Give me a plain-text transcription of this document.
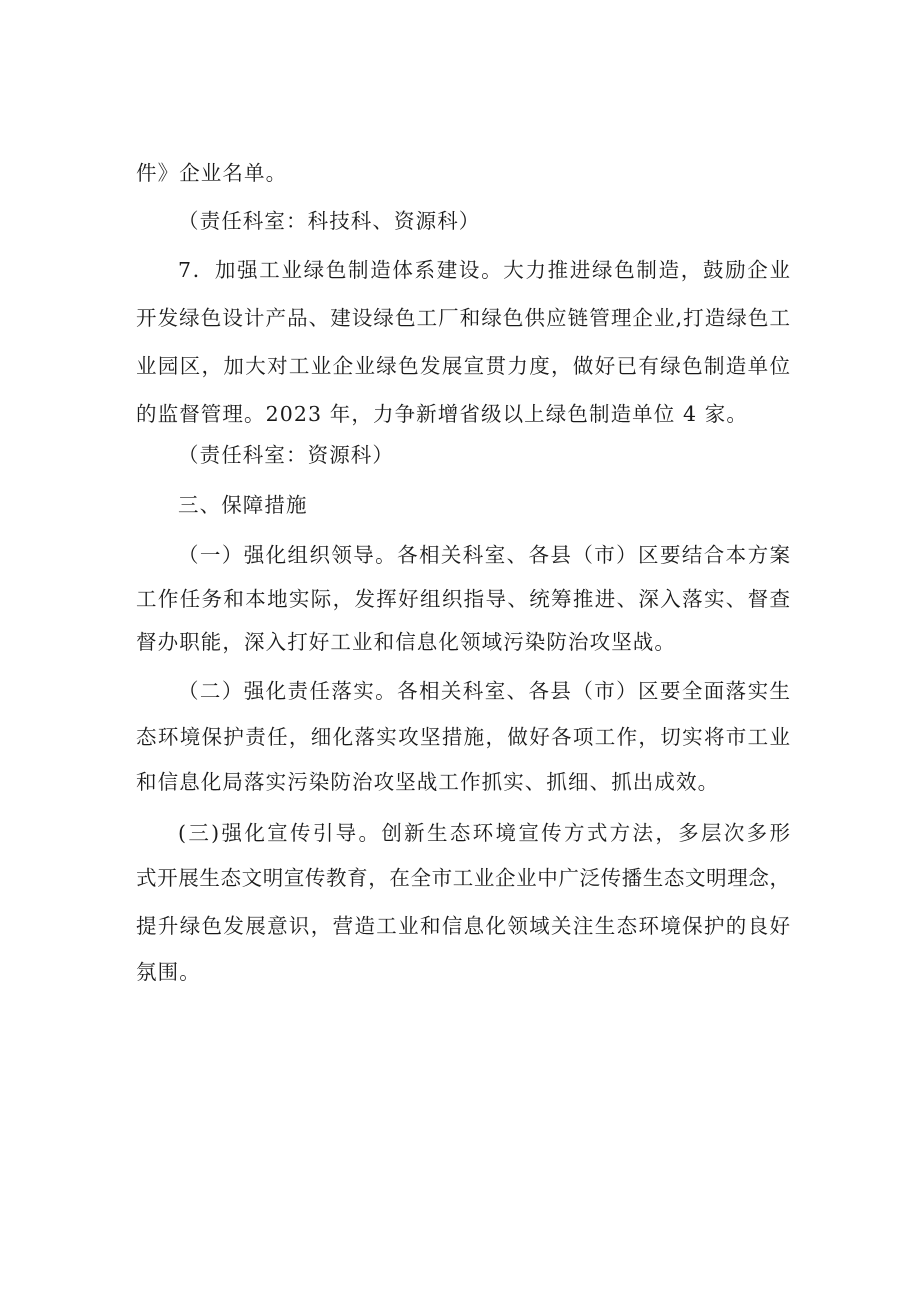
件》企业名单。
（责任科室：科技科、资源科）
7．加强工业绿色制造体系建设。大力推进绿色制造，鼓励企业
开发绿色设计产品、建设绿色工厂和绿色供应链管理企业,打造绿色工
业园区，加大对工业企业绿色发展宣贯力度，做好已有绿色制造单位
的监督管理。2023 年，力争新增省级以上绿色制造单位 4 家。
（责任科室：资源科）
三、保障措施
（一）强化组织领导。各相关科室、各县（市）区要结合本方案
工作任务和本地实际，发挥好组织指导、统筹推进、深入落实、督查
督办职能，深入打好工业和信息化领域污染防治攻坚战。
（二）强化责任落实。各相关科室、各县（市）区要全面落实生
态环境保护责任，细化落实攻坚措施，做好各项工作，切实将市工业
和信息化局落实污染防治攻坚战工作抓实、抓细、抓出成效。
(三)强化宣传引导。创新生态环境宣传方式方法，多层次多形
式开展生态文明宣传教育，在全市工业企业中广泛传播生态文明理念，
提升绿色发展意识，营造工业和信息化领域关注生态环境保护的良好
氛围。
